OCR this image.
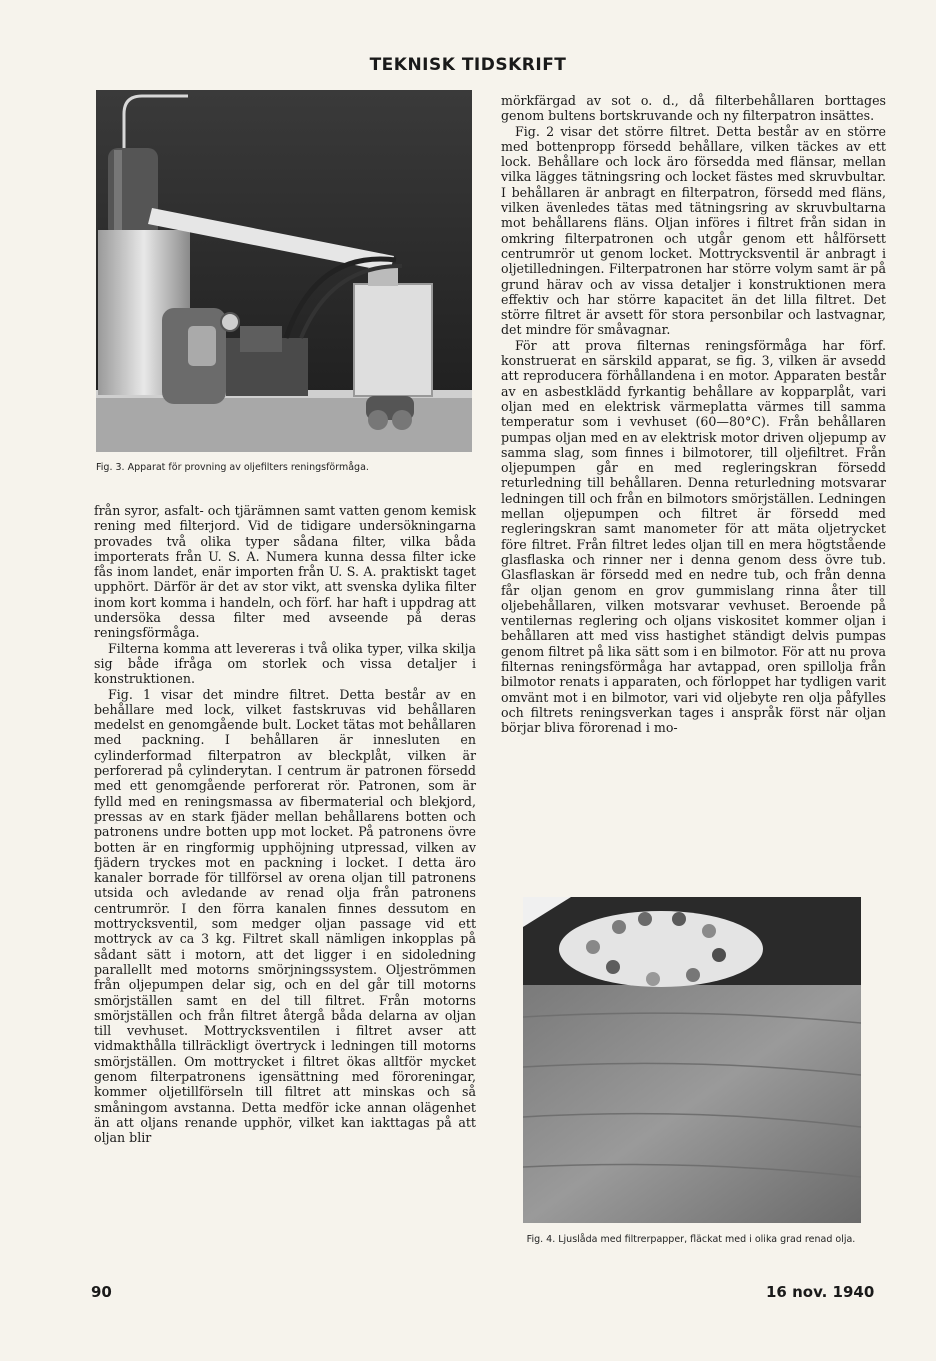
TEKNISK TIDSKRIFT
Fig. 3. Apparat för provning av oljefilters reningsförmåga.

från syror, asfalt- och tjärämnen samt vatten genom kemisk rening med filterjord. Vid de tidigare undersökningarna provades två olika typer sådana filter, vilka båda importerats från U. S. A. Numera kunna dessa filter icke fås inom landet, enär importen från U. S. A. praktiskt taget upphört. Därför är det av stor vikt, att svenska dylika filter inom kort komma i handeln, och förf. har haft i uppdrag att undersöka dessa filter med avseende på deras reningsförmåga.

Filterna komma att levereras i två olika typer, vilka skilja sig både ifråga om storlek och vissa detaljer i konstruktionen.

Fig. 1 visar det mindre filtret. Detta består av en behållare med lock, vilket fastskruvas vid behållaren medelst en genomgående bult. Locket tätas mot behållaren med packning. I behållaren är innesluten en cylinderformad filterpatron av bleckplåt, vilken är perforerad på cylinderytan. I centrum är patronen försedd med ett genomgående perforerat rör. Patronen, som är fylld med en reningsmassa av fibermaterial och blekjord, pressas av en stark fjäder mellan behållarens botten och patronens undre botten upp mot locket. På patronens övre botten är en ringformig upphöjning utpressad, vilken av fjädern tryckes mot en packning i locket. I detta äro kanaler borrade för tillförsel av orena oljan till patronens utsida och avledande av renad olja från patronens centrumrör. I den förra kanalen finnes dessutom en mottrycksventil, som medger oljan passage vid ett mottryck av ca 3 kg. Filtret skall nämligen inkopplas på sådant sätt i motorn, att det ligger i en sidoledning parallellt med motorns smörjningssystem. Oljeströmmen från oljepumpen delar sig, och en del går till motorns smörjställen samt en del till filtret. Från motorns smörjställen och från filtret återgå båda delarna av oljan till vevhuset. Mottrycksventilen i filtret avser att vidmakthålla tillräckligt övertryck i ledningen till motorns smörjställen. Om mottrycket i filtret ökas alltför mycket genom filterpatronens igensättning med föroreningar, kommer oljetillförseln till filtret att minskas och så småningom avstanna. Detta medför icke annan olägenhet än att oljans renande upphör, vilket kan iakttagas på att oljan blir

mörkfärgad av sot o. d., då filterbehållaren borttages genom bultens bortskruvande och ny filterpatron insättes.

Fig. 2 visar det större filtret. Detta består av en större med bottenpropp försedd behållare, vilken täckes av ett lock. Behållare och lock äro försedda med flänsar, mellan vilka lägges tätningsring och locket fästes med skruvbultar. I behållaren är anbragt en filterpatron, försedd med fläns, vilken ävenledes tätas med tätningsring av skruvbultarna mot behållarens fläns. Oljan införes i filtret från sidan in omkring filterpatronen och utgår genom ett hålförsett centrumrör ut genom locket. Mottrycksventil är anbragt i oljetilledningen. Filterpatronen har större volym samt är på grund härav och av vissa detaljer i konstruktionen mera effektiv och har större kapacitet än det lilla filtret. Det större filtret är avsett för stora personbilar och lastvagnar, det mindre för småvagnar.

För att prova filternas reningsförmåga har förf. konstruerat en särskild apparat, se fig. 3, vilken är avsedd att reproducera förhållandena i en motor. Apparaten består av en asbestklädd fyrkantig behållare av kopparplåt, vari oljan med en elektrisk värmeplatta värmes till samma temperatur som i vevhuset (60—80°C). Från behållaren pumpas oljan med en av elektrisk motor driven oljepump av samma slag, som finnes i bilmotorer, till oljefiltret. Från oljepumpen går en med regleringskran försedd returledning till behållaren. Denna returledning motsvarar ledningen till och från en bilmotors smörjställen. Ledningen mellan oljepumpen och filtret är försedd med regleringskran samt manometer för att mäta oljetrycket före filtret. Från filtret ledes oljan till en mera högtstående glasflaska och rinner ner i denna genom dess övre tub. Glasflaskan är försedd med en nedre tub, och från denna får oljan genom en grov gummislang rinna åter till oljebehållaren, vilken motsvarar vevhuset. Beroende på ventilernas reglering och oljans viskositet kommer oljan i behållaren att med viss hastighet ständigt delvis pumpas genom filtret på lika sätt som i en bilmotor. För att nu prova filternas reningsförmåga har avtappad, oren spillolja från bilmotor renats i apparaten, och förloppet har tydligen varit omvänt mot i en bilmotor, vari vid oljebyte ren olja påfylles och filtrets reningsverkan tages i anspråk först när oljan börjar bliva förorenad i mo-

Fig. 4. Ljuslåda med filtrerpapper, fläckat med i olika grad renad olja.
90	16 nov. 1940
